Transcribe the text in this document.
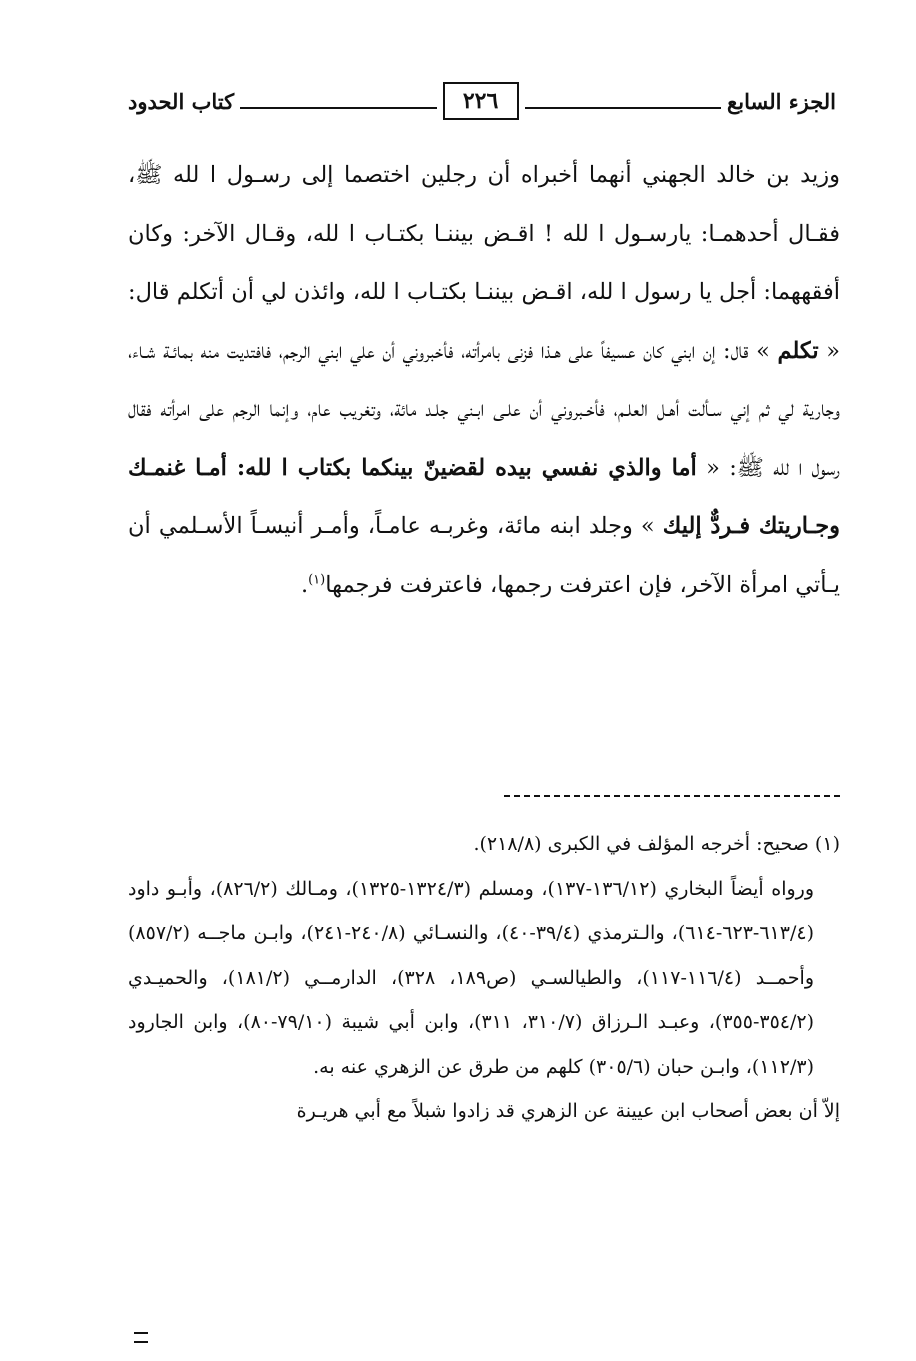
الجزء السابع
٢٢٦
كتاب الحدود

وزيد بن خالد الجهني أنهما أخبراه أن رجلين اختصما إلى رسـول ا لله ﷺ، فقـال أحدهمـا: يارسـول ا لله ! اقـض بيننـا بكتـاب ا لله، وقـال الآخر: وكان أفقههما: أجل يا رسول ا لله، اقـض بيننـا بكتـاب ا لله، وائذن لي أن أتكلم قال: « تكلم » قال: إن ابني كان عسيفاً على هـذا فزنى بامرأته، فأخبروني أن علي ابني الرجم، فافتديت منه بمائـة شـاء، وجارية لي ثم إني سـألت أهـل العلـم، فأخـبروني أن علـى ابـني جلـد مائة، وتغريب عام، وإنما الرجم على امرأته فقال رسول ا لله ﷺ: « أما والذي نفسي بيده لقضينّ بينكما بكتاب ا لله: أمـا غنمـك وجـاريتك فـردٌّ إليك » وجلد ابنه مائة، وغربـه عامـاً، وأمـر أنيسـاً الأسـلمي أن يـأتي امرأة الآخر، فإن اعترفت رجمها، فاعترفت فرجمها$^{(١)}$.

(١) صحيح: أخرجه المؤلف في الكبرى (٢١٨/٨).

ورواه أيضاً البخاري (١٣٦/١٢-١٣٧)، ومسلم (١٣٢٤/٣-١٣٢٥)، ومـالك (٨٢٦/٢)، وأبـو داود (٦١٣/٤-٦٢٣-٦١٤)، والـترمذي (٣٩/٤-٤٠)، والنسـائي (٢٤٠/٨-٢٤١)، وابـن ماجــه (٨٥٧/٢) وأحمــد (١١٦/٤-١١٧)، والطيالسـي (ص١٨٩، ٣٢٨)، الدارمــي (١٨١/٢)، والحميـدي (٣٥٤/٢-٣٥٥)، وعبـد الـرزاق (٣١٠/٧، ٣١١)، وابن أبي شيبة (٧٩/١٠-٨٠)، وابن الجارود (١١٢/٣)، وابـن حبان (٣٠٥/٦) كلهم من طرق عن الزهري عنه به.

إلاّ أن بعض أصحاب ابن عيينة عن الزهري قد زادوا شبلاً مع أبي هريـرة
